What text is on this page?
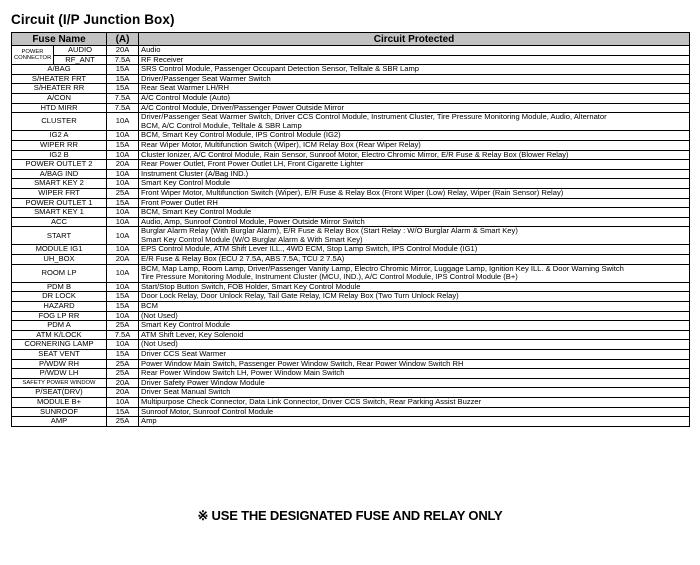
Circuit (I/P Junction Box)
Fuse Name		(A)	Circuit Protected
POWER
CONNECTOR	AUDIO	20A	Audio
	RF_ANT	7.5A	RF Receiver
A/BAG		15A	SRS Control Module, Passenger Occupant Detection Sensor, Telltale & SBR Lamp

S/HEATER FRT		15A	Driver/Passenger Seat Warmer Switch

S/HEATER RR		15A	Rear Seat Warmer LH/RH

A/CON		7.5A	A/C Control Module (Auto)

HTD MIRR		7.5A	A/C Control Module, Driver/Passenger Power Outside Mirror

CLUSTER		10A	Driver/Passenger Seat Warmer Switch, Driver CCS Control Module, Instrument Cluster, Tire Pressure Monitoring Module, Audio, Alternator
BCM, A/C Control Module, Telltale & SBR Lamp

IG2 A		10A	BCM, Smart Key Control Module, IPS Control Module (IG2)

WIPER RR		15A	Rear Wiper Motor, Multifunction Switch (Wiper), ICM Relay Box (Rear Wiper Relay)

IG2 B		10A	Cluster Ionizer, A/C Control Module, Rain Sensor, Sunroof Motor, Electro Chromic Mirror, E/R Fuse & Relay Box (Blower Relay)

POWER OUTLET 2		20A	Rear Power Outlet, Front Power Outlet LH, Front Cigarette Lighter

A/BAG IND		10A	Instrument Cluster (A/Bag IND.)

SMART KEY 2		10A	Smart Key Control Module

WIPER FRT		25A	Front Wiper Motor, Multifunction Switch (Wiper), E/R Fuse & Relay Box (Front Wiper (Low) Relay, Wiper (Rain Sensor) Relay)

POWER OUTLET 1		15A	Front Power Outlet RH

SMART KEY 1		10A	BCM, Smart Key Control Module

ACC		10A	Audio, Amp, Sunroof Control Module, Power Outside Mirror Switch

START		10A	Burglar Alarm Relay (With Burglar Alarm), E/R Fuse & Relay Box (Start Relay : W/O Burglar Alarm & Smart Key)
Smart Key Control Module (W/O Burglar Alarm & With Smart Key)

MODULE IG1		10A	EPS Control Module, ATM Shift Lever ILL., 4WD ECM, Stop Lamp Switch, IPS Control Module (IG1)

UH_BOX		20A	E/R Fuse & Relay Box (ECU 2 7.5A, ABS 7.5A, TCU 2 7.5A)

ROOM LP		10A	BCM, Map Lamp, Room Lamp, Driver/Passenger Vanity Lamp, Electro Chromic Mirror, Luggage Lamp, Ignition Key ILL. & Door Warning Switch
Tire Pressure Monitoring Module, Instrument Cluster (MCU, IND.), A/C Control Module, IPS Control Module (B+)

PDM B		10A	Start/Stop Button Switch, FOB Holder, Smart Key Control Module

DR LOCK		15A	Door Lock Relay, Door Unlock Relay, Tail Gate Relay, ICM Relay Box (Two Turn Unlock Relay)

HAZARD		15A	BCM

FOG LP RR		10A	(Not Used)

PDM A		25A	Smart Key Control Module

ATM K/LOCK		7.5A	ATM Shift Lever, Key Solenoid

CORNERING LAMP		10A	(Not Used)

SEAT VENT		15A	Driver CCS Seat Warmer

P/WDW RH		25A	Power Window Main Switch, Passenger Power Window Switch, Rear Power Window Switch RH

P/WDW LH		25A	Rear Power Window Switch LH, Power Window Main Switch

SAFETY POWER WINDOW		20A	Driver Safety Power Window Module

P/SEAT(DRV)		20A	Driver Seat Manual Switch

MODULE B+		10A	Multipurpose Check Connector, Data Link Connector, Driver CCS Switch, Rear Parking Assist Buzzer

SUNROOF		15A	Sunroof Motor, Sunroof Control Module

AMP		25A	Amp
※ USE THE DESIGNATED FUSE AND RELAY ONLY
